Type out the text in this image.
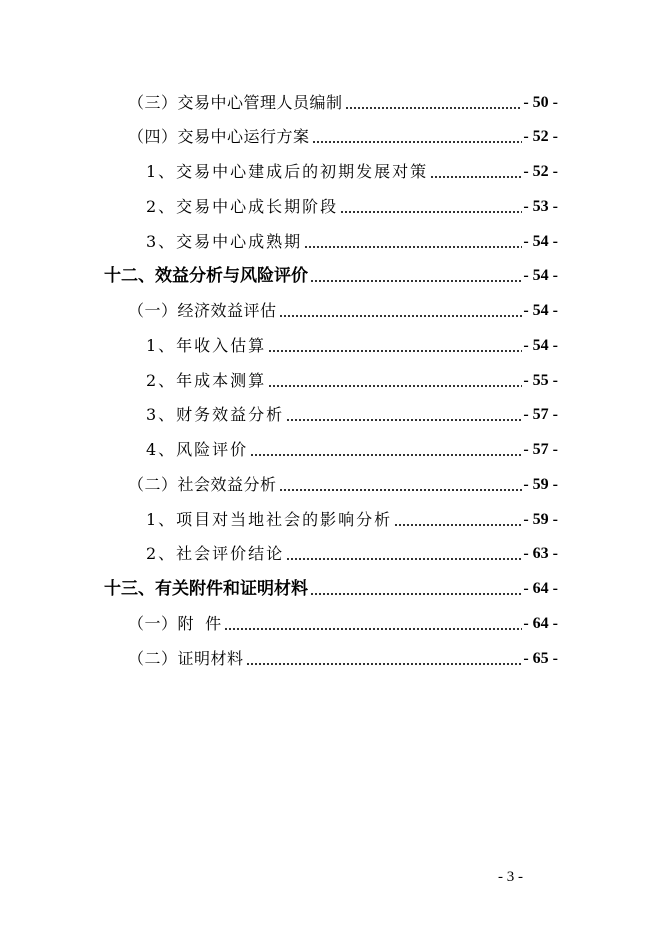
（三）交易中心管理人员编制	- 50 -
（四）交易中心运行方案	- 52 -
1、交易中心建成后的初期发展对策	- 52 -
2、交易中心成长期阶段	- 53 -
3、交易中心成熟期	- 54 -
十二、效益分析与风险评价	- 54 -
（一）经济效益评估	- 54 -
1、年收入估算	- 54 -
2、年成本测算	- 55 -
3、财务效益分析	- 57 -
4、风险评价	- 57 -
（二）社会效益分析	- 59 -
1、项目对当地社会的影响分析	- 59 -
2、社会评价结论	- 63 -
十三、有关附件和证明材料	- 64 -
（一）附  件	- 64 -
（二）证明材料	- 65 -
- 3 -
